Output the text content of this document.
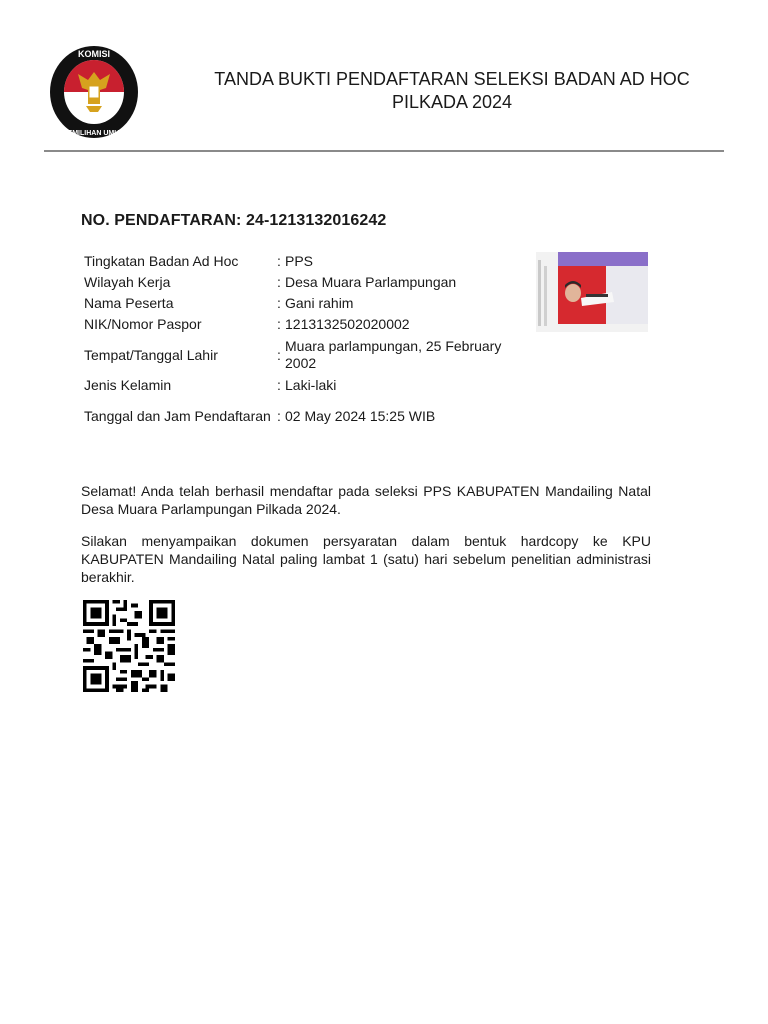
KOMISI
PEMILIHAN UMUM
TANDA BUKTI PENDAFTARAN SELEKSI BADAN AD HOC
PILKADA 2024
NO. PENDAFTARAN: 24-1213132016242
Tingkatan Badan Ad Hoc	:	PPS
Wilayah Kerja	:	Desa Muara Parlampungan
Nama Peserta	:	Gani rahim
NIK/Nomor Paspor	:	1213132502020002
Tempat/Tanggal Lahir	:	Muara parlampungan, 25 February 2002
Jenis Kelamin	:	Laki-laki
Tanggal dan Jam Pendaftaran	:	02 May 2024 15:25 WIB
Selamat! Anda telah berhasil mendaftar pada seleksi PPS KABUPATEN Mandailing Natal Desa Muara Parlampungan Pilkada 2024.
Silakan menyampaikan dokumen persyaratan dalam bentuk hardcopy ke KPU KABUPATEN Mandailing Natal paling lambat 1 (satu) hari sebelum penelitian administrasi berakhir.
